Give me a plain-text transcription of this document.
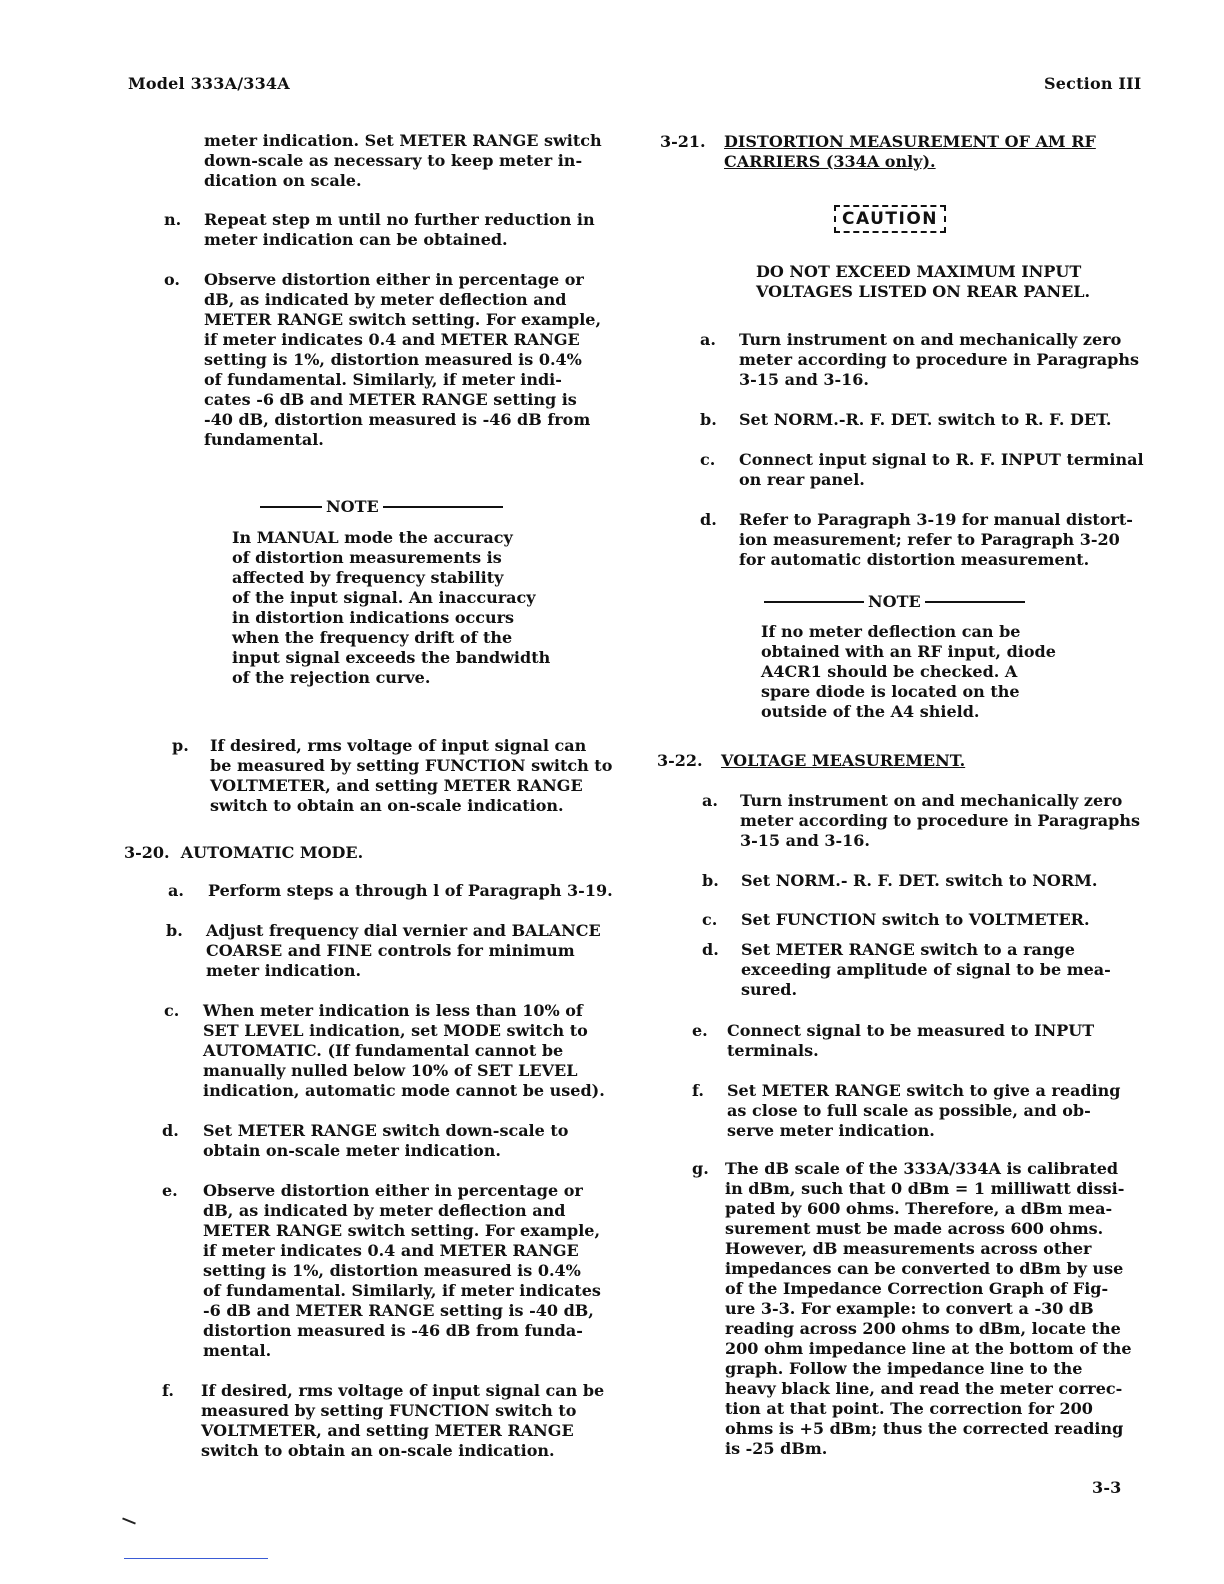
Model 333A/334A	Section III
meter indication. Set METER RANGE switch
down-scale as necessary to keep meter in-
dication on scale.
n. Repeat step m until no further reduction in
meter indication can be obtained.
o. Observe distortion either in percentage or
dB, as indicated by meter deflection and
METER RANGE switch setting. For example,
if meter indicates 0.4 and METER RANGE
setting is 1%, distortion measured is 0.4%
of fundamental. Similarly, if meter indi-
cates -6 dB and METER RANGE setting is
-40 dB, distortion measured is -46 dB from
fundamental.
NOTE
In MANUAL mode the accuracy
of distortion measurements is
affected by frequency stability
of the input signal. An inaccuracy
in distortion indications occurs
when the frequency drift of the
input signal exceeds the bandwidth
of the rejection curve.
p. If desired, rms voltage of input signal can
be measured by setting FUNCTION switch to
VOLTMETER, and setting METER RANGE
switch to obtain an on-scale indication.
3-20. AUTOMATIC MODE.
a. Perform steps a through l of Paragraph 3-19.
b. Adjust frequency dial vernier and BALANCE
COARSE and FINE controls for minimum
meter indication.
c. When meter indication is less than 10% of
SET LEVEL indication, set MODE switch to
AUTOMATIC. (If fundamental cannot be
manually nulled below 10% of SET LEVEL
indication, automatic mode cannot be used).
d. Set METER RANGE switch down-scale to
obtain on-scale meter indication.
e. Observe distortion either in percentage or
dB, as indicated by meter deflection and
METER RANGE switch setting. For example,
if meter indicates 0.4 and METER RANGE
setting is 1%, distortion measured is 0.4%
of fundamental. Similarly, if meter indicates
-6 dB and METER RANGE setting is -40 dB,
distortion measured is -46 dB from funda-
mental.
f. If desired, rms voltage of input signal can be
measured by setting FUNCTION switch to
VOLTMETER, and setting METER RANGE
switch to obtain an on-scale indication.
3-21. DISTORTION MEASUREMENT OF AM RF
CARRIERS (334A only).
CAUTION
DO NOT EXCEED MAXIMUM INPUT
VOLTAGES LISTED ON REAR PANEL.
a. Turn instrument on and mechanically zero
meter according to procedure in Paragraphs
3-15 and 3-16.
b. Set NORM.-R. F. DET. switch to R. F. DET.
c. Connect input signal to R. F. INPUT terminal
on rear panel.
d. Refer to Paragraph 3-19 for manual distort-
ion measurement; refer to Paragraph 3-20
for automatic distortion measurement.
NOTE
If no meter deflection can be
obtained with an RF input, diode
A4CR1 should be checked. A
spare diode is located on the
outside of the A4 shield.
3-22. VOLTAGE MEASUREMENT.
a. Turn instrument on and mechanically zero
meter according to procedure in Paragraphs
3-15 and 3-16.
b. Set NORM.- R. F. DET. switch to NORM.
c. Set FUNCTION switch to VOLTMETER.
d. Set METER RANGE switch to a range
exceeding amplitude of signal to be mea-
sured.
e. Connect signal to be measured to INPUT
terminals.
f. Set METER RANGE switch to give a reading
as close to full scale as possible, and ob-
serve meter indication.
g. The dB scale of the 333A/334A is calibrated
in dBm, such that 0 dBm = 1 milliwatt dissi-
pated by 600 ohms. Therefore, a dBm mea-
surement must be made across 600 ohms.
However, dB measurements across other
impedances can be converted to dBm by use
of the Impedance Correction Graph of Fig-
ure 3-3. For example: to convert a -30 dB
reading across 200 ohms to dBm, locate the
200 ohm impedance line at the bottom of the
graph. Follow the impedance line to the
heavy black line, and read the meter correc-
tion at that point. The correction for 200
ohms is +5 dBm; thus the corrected reading
is -25 dBm.
3-3
